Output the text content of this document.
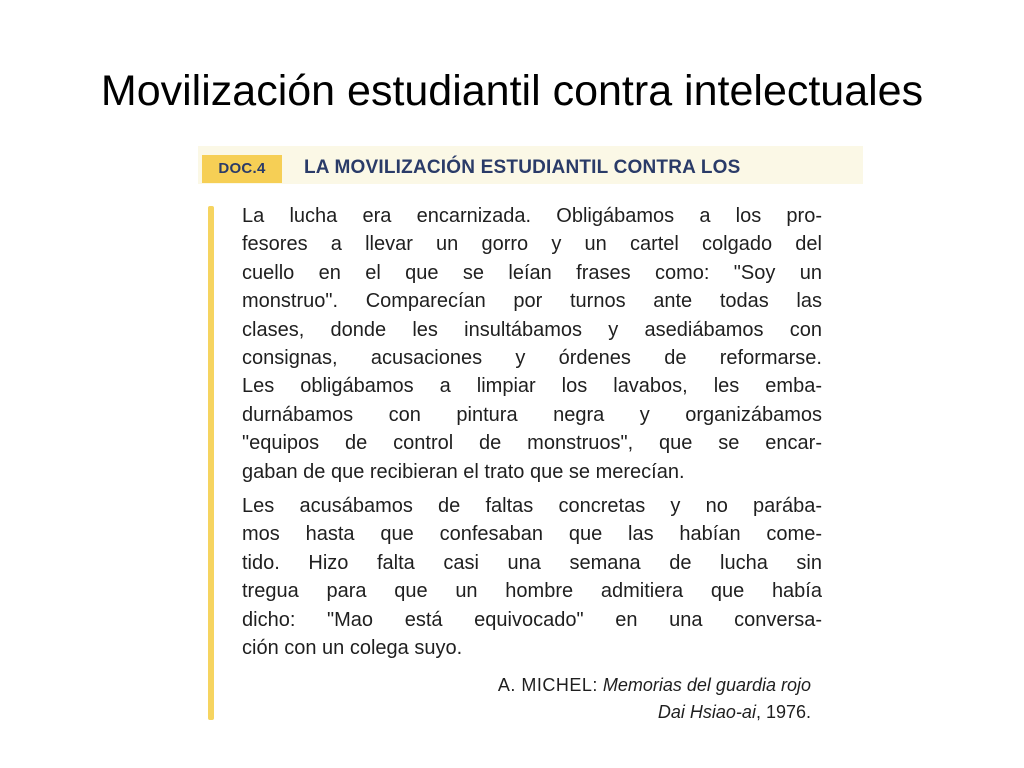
Movilización estudiantil contra intelectuales
DOC.4	LA MOVILIZACIÓN ESTUDIANTIL CONTRA LOS
La lucha era encarnizada. Obligábamos a los pro-
fesores a llevar un gorro y un cartel colgado del
cuello en el que se leían frases como: "Soy un
monstruo". Comparecían por turnos ante todas las
clases, donde les insultábamos y asediábamos con
consignas, acusaciones y órdenes de reformarse.
Les obligábamos a limpiar los lavabos, les emba-
durnábamos con pintura negra y organizábamos
"equipos de control de monstruos", que se encar-
gaban de que recibieran el trato que se merecían.
Les acusábamos de faltas concretas y no parába-
mos hasta que confesaban que las habían come-
tido. Hizo falta casi una semana de lucha sin
tregua para que un hombre admitiera que había
dicho: "Mao está equivocado" en una conversa-
ción con un colega suyo.
A. MICHEL: Memorias del guardia rojo
Dai Hsiao-ai, 1976.
